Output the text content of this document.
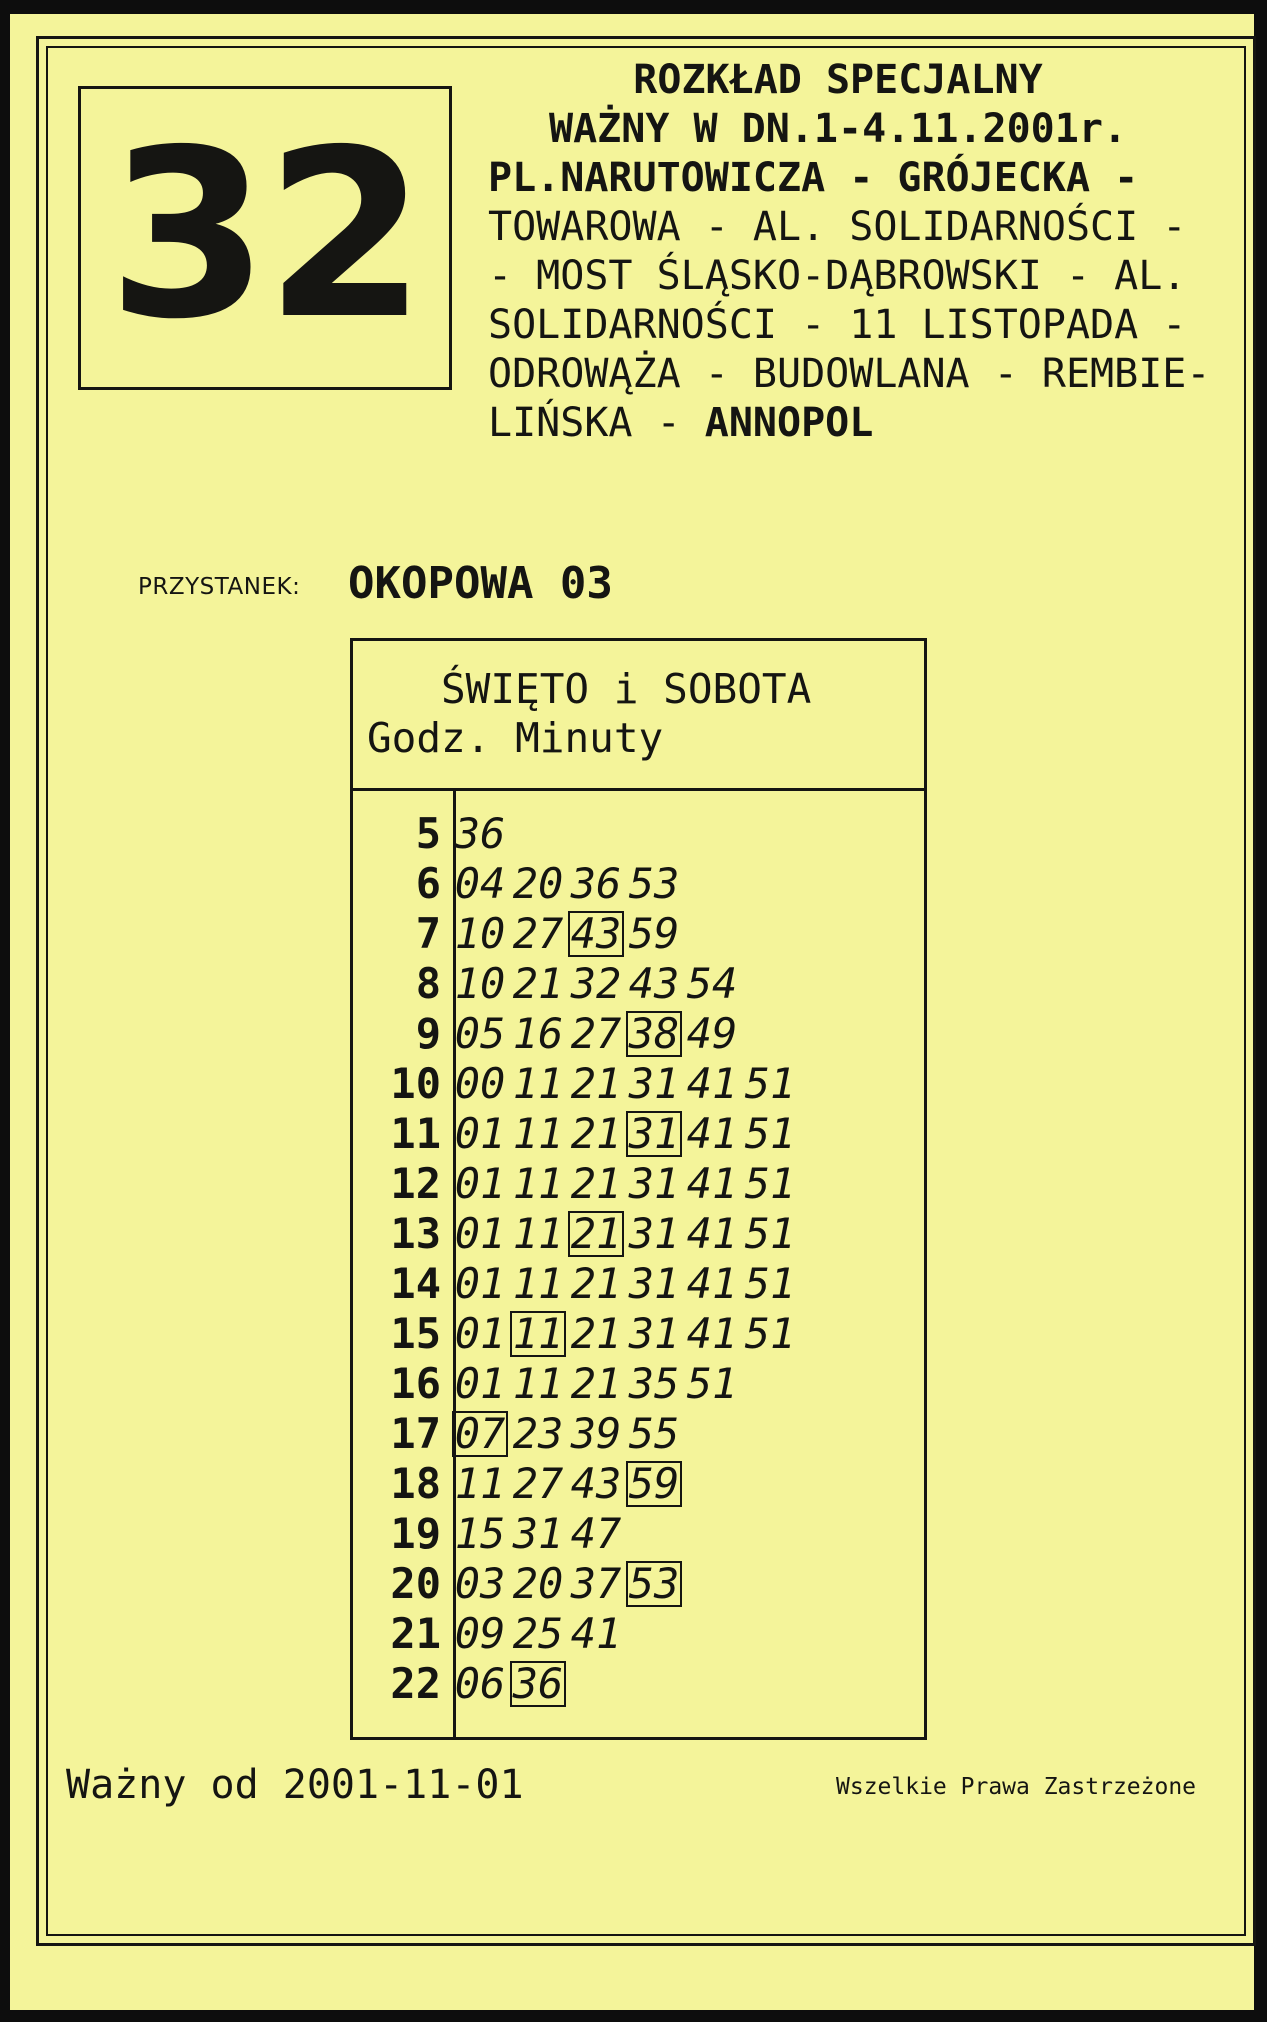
32
ROZKŁAD SPECJALNY
WAŻNY W DN.1-4.11.2001r.
PL.NARUTOWICZA - GRÓJECKA -
TOWAROWA - AL. SOLIDARNOŚCI -
- MOST ŚLĄSKO-DĄBROWSKI - AL.
SOLIDARNOŚCI - 11 LISTOPADA -
ODROWĄŻA - BUDOWLANA - REMBIE-
LIŃSKA - ANNOPOL
PRZYSTANEK: OKOPOWA 03
ŚWIĘTO i SOBOTA
Godz. Minuty
5 36
6 04 20 36 53
7 10 27 43 59
8 10 21 32 43 54
9 05 16 27 38 49
10 00 11 21 31 41 51
11 01 11 21 31 41 51
12 01 11 21 31 41 51
13 01 11 21 31 41 51
14 01 11 21 31 41 51
15 01 11 21 31 41 51
16 01 11 21 35 51
17 07 23 39 55
18 11 27 43 59
19 15 31 47
20 03 20 37 53
21 09 25 41
22 06 36
Ważny od 2001-11-01	Wszelkie Prawa Zastrzeżone
